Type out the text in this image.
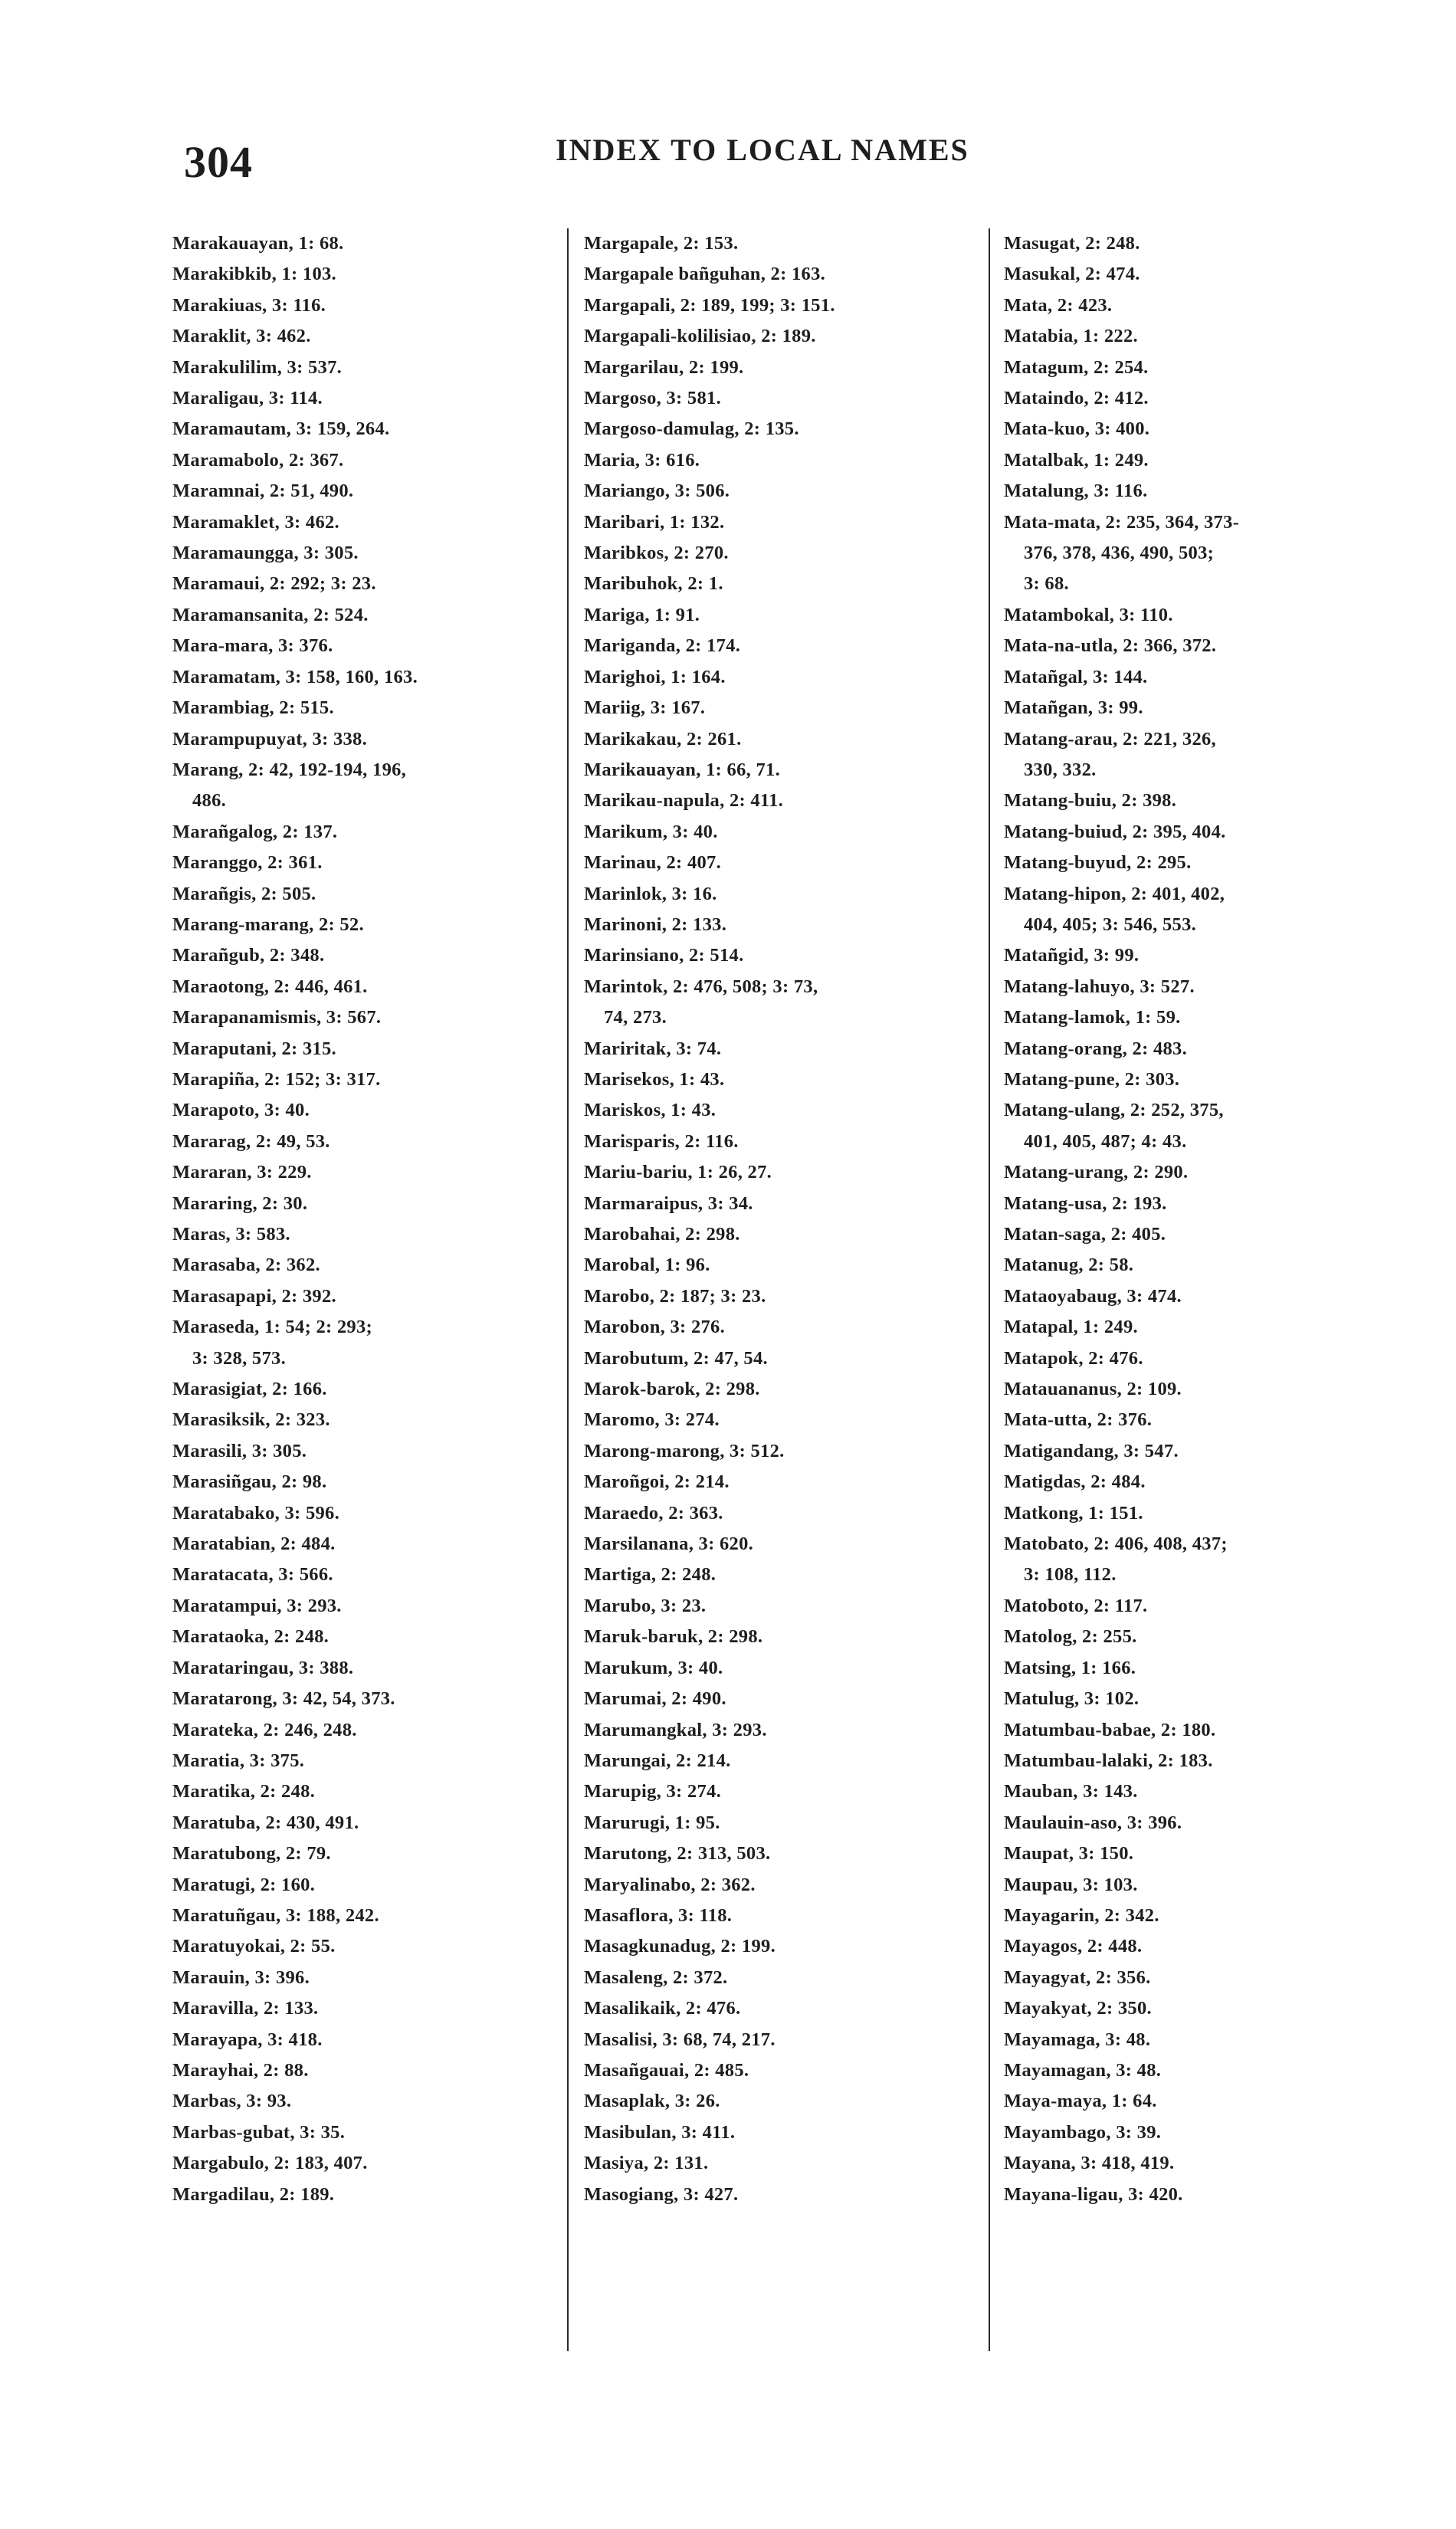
304	INDEX TO LOCAL NAMES
Marakauayan, 1: 68.
Marakibkib, 1: 103.
Marakiuas, 3: 116.
Maraklit, 3: 462.
Marakulilim, 3: 537.
Maraligau, 3: 114.
Maramautam, 3: 159, 264.
Maramabolo, 2: 367.
Maramnai, 2: 51, 490.
Maramaklet, 3: 462.
Maramaungga, 3: 305.
Maramaui, 2: 292; 3: 23.
Maramansanita, 2: 524.
Mara-mara, 3: 376.
Maramatam, 3: 158, 160, 163.
Marambiag, 2: 515.
Marampupuyat, 3: 338.
Marang, 2: 42, 192-194, 196,
486.
Marañgalog, 2: 137.
Maranggo, 2: 361.
Marañgis, 2: 505.
Marang-marang, 2: 52.
Marañgub, 2: 348.
Maraotong, 2: 446, 461.
Marapanamismis, 3: 567.
Maraputani, 2: 315.
Marapiña, 2: 152; 3: 317.
Marapoto, 3: 40.
Mararag, 2: 49, 53.
Mararan, 3: 229.
Mararing, 2: 30.
Maras, 3: 583.
Marasaba, 2: 362.
Marasapapi, 2: 392.
Maraseda, 1: 54; 2: 293;
3: 328, 573.
Marasigiat, 2: 166.
Marasiksik, 2: 323.
Marasili, 3: 305.
Marasiñgau, 2: 98.
Maratabako, 3: 596.
Maratabian, 2: 484.
Maratacata, 3: 566.
Maratampui, 3: 293.
Marataoka, 2: 248.
Marataringau, 3: 388.
Maratarong, 3: 42, 54, 373.
Marateka, 2: 246, 248.
Maratia, 3: 375.
Maratika, 2: 248.
Maratuba, 2: 430, 491.
Maratubong, 2: 79.
Maratugi, 2: 160.
Maratuñgau, 3: 188, 242.
Maratuyokai, 2: 55.
Marauin, 3: 396.
Maravilla, 2: 133.
Marayapa, 3: 418.
Marayhai, 2: 88.
Marbas, 3: 93.
Marbas-gubat, 3: 35.
Margabulo, 2: 183, 407.
Margadilau, 2: 189.
Margapale, 2: 153.
Margapale bañguhan, 2: 163.
Margapali, 2: 189, 199; 3: 151.
Margapali-kolilisiao, 2: 189.
Margarilau, 2: 199.
Margoso, 3: 581.
Margoso-damulag, 2: 135.
Maria, 3: 616.
Mariango, 3: 506.
Maribari, 1: 132.
Maribkos, 2: 270.
Maribuhok, 2: 1.
Mariga, 1: 91.
Mariganda, 2: 174.
Marighoi, 1: 164.
Mariig, 3: 167.
Marikakau, 2: 261.
Marikauayan, 1: 66, 71.
Marikau-napula, 2: 411.
Marikum, 3: 40.
Marinau, 2: 407.
Marinlok, 3: 16.
Marinoni, 2: 133.
Marinsiano, 2: 514.
Marintok, 2: 476, 508; 3: 73,
74, 273.
Mariritak, 3: 74.
Marisekos, 1: 43.
Mariskos, 1: 43.
Marisparis, 2: 116.
Mariu-bariu, 1: 26, 27.
Marmaraipus, 3: 34.
Marobahai, 2: 298.
Marobal, 1: 96.
Marobo, 2: 187; 3: 23.
Marobon, 3: 276.
Marobutum, 2: 47, 54.
Marok-barok, 2: 298.
Maromo, 3: 274.
Marong-marong, 3: 512.
Maroñgoi, 2: 214.
Maraedo, 2: 363.
Marsilanana, 3: 620.
Martiga, 2: 248.
Marubo, 3: 23.
Maruk-baruk, 2: 298.
Marukum, 3: 40.
Marumai, 2: 490.
Marumangkal, 3: 293.
Marungai, 2: 214.
Marupig, 3: 274.
Marurugi, 1: 95.
Marutong, 2: 313, 503.
Maryalinabo, 2: 362.
Masaflora, 3: 118.
Masagkunadug, 2: 199.
Masaleng, 2: 372.
Masalikaik, 2: 476.
Masalisi, 3: 68, 74, 217.
Masañgauai, 2: 485.
Masaplak, 3: 26.
Masibulan, 3: 411.
Masiya, 2: 131.
Masogiang, 3: 427.
Masugat, 2: 248.
Masukal, 2: 474.
Mata, 2: 423.
Matabia, 1: 222.
Matagum, 2: 254.
Mataindo, 2: 412.
Mata-kuo, 3: 400.
Matalbak, 1: 249.
Matalung, 3: 116.
Mata-mata, 2: 235, 364, 373-
376, 378, 436, 490, 503;
3: 68.
Matambokal, 3: 110.
Mata-na-utla, 2: 366, 372.
Matañgal, 3: 144.
Matañgan, 3: 99.
Matang-arau, 2: 221, 326,
330, 332.
Matang-buiu, 2: 398.
Matang-buiud, 2: 395, 404.
Matang-buyud, 2: 295.
Matang-hipon, 2: 401, 402,
404, 405; 3: 546, 553.
Matañgid, 3: 99.
Matang-lahuyo, 3: 527.
Matang-lamok, 1: 59.
Matang-orang, 2: 483.
Matang-pune, 2: 303.
Matang-ulang, 2: 252, 375,
401, 405, 487; 4: 43.
Matang-urang, 2: 290.
Matang-usa, 2: 193.
Matan-saga, 2: 405.
Matanug, 2: 58.
Mataoyabaug, 3: 474.
Matapal, 1: 249.
Matapok, 2: 476.
Matauananus, 2: 109.
Mata-utta, 2: 376.
Matigandang, 3: 547.
Matigdas, 2: 484.
Matkong, 1: 151.
Matobato, 2: 406, 408, 437;
3: 108, 112.
Matoboto, 2: 117.
Matolog, 2: 255.
Matsing, 1: 166.
Matulug, 3: 102.
Matumbau-babae, 2: 180.
Matumbau-lalaki, 2: 183.
Mauban, 3: 143.
Maulauin-aso, 3: 396.
Maupat, 3: 150.
Maupau, 3: 103.
Mayagarin, 2: 342.
Mayagos, 2: 448.
Mayagyat, 2: 356.
Mayakyat, 2: 350.
Mayamaga, 3: 48.
Mayamagan, 3: 48.
Maya-maya, 1: 64.
Mayambago, 3: 39.
Mayana, 3: 418, 419.
Mayana-ligau, 3: 420.
